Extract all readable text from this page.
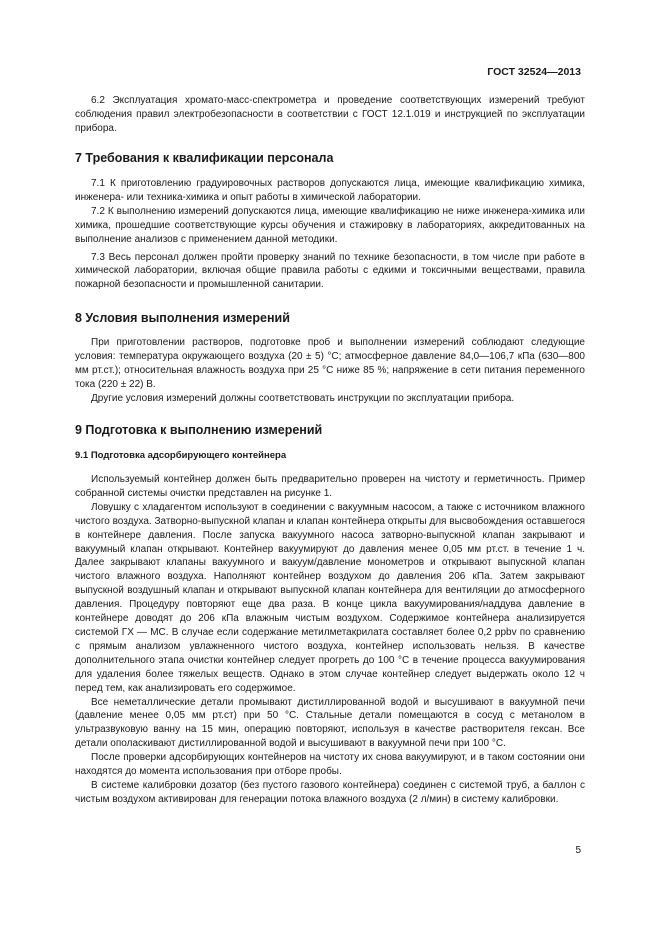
ГОСТ 32524—2013

6.2 Эксплуатация хромато-масс-спектрометра и проведение соответствующих измерений требуют соблюдения правил электробезопасности в соответствии с ГОСТ 12.1.019 и инструкцией по эксплуатации прибора.

7 Требования к квалификации персонала

7.1 К приготовлению градуировочных растворов допускаются лица, имеющие квалификацию химика, инженера- или техника-химика и опыт работы в химической лаборатории.

7.2 К выполнению измерений допускаются лица, имеющие квалификацию не ниже инженера-химика или химика, прошедшие соответствующие курсы обучения и стажировку в лабораториях, аккредитованных на выполнение анализов с применением данной методики.

7.3 Весь персонал должен пройти проверку знаний по технике безопасности, в том числе при работе в химической лаборатории, включая общие правила работы с едкими и токсичными веществами, правила пожарной безопасности и промышленной санитарии.

8 Условия выполнения измерений

При приготовлении растворов, подготовке проб и выполнении измерений соблюдают следующие условия: температура окружающего воздуха (20 ± 5) °С; атмосферное давление 84,0—106,7 кПа (630—800 мм рт.ст.); относительная влажность воздуха при 25 °С ниже 85 %; напряжение в сети питания переменного тока (220 ± 22) В.

Другие условия измерений должны соответствовать инструкции по эксплуатации прибора.

9 Подготовка к выполнению измерений
9.1 Подготовка адсорбирующего контейнера

Используемый контейнер должен быть предварительно проверен на чистоту и герметичность. Пример собранной системы очистки представлен на рисунке 1.

Ловушку с хладагентом используют в соединении с вакуумным насосом, а также с источником влажного чистого воздуха. Затворно-выпускной клапан и клапан контейнера открыты для высвобождения оставшегося в контейнере давления. После запуска вакуумного насоса затворно-выпускной клапан закрывают и вакуумный клапан открывают. Контейнер вакуумируют до давления менее 0,05 мм рт.ст. в течение 1 ч. Далее закрывают клапаны вакуумного и вакуум/давление монометров и открывают выпускной клапан чистого влажного воздуха. Наполняют контейнер воздухом до давления 206 кПа. Затем закрывают выпускной воздушный клапан и открывают выпускной клапан контейнера для вентиляции до атмосферного давления. Процедуру повторяют еще два раза. В конце цикла вакуумирования/наддува давление в контейнере доводят до 206 кПа влажным чистым воздухом. Содержимое контейнера анализируется системой ГХ — МС. В случае если содержание метилметакрилата составляет более 0,2 ppbv по сравнению с прямым анализом увлажненного чистого воздуха, контейнер использовать нельзя. В качестве дополнительного этапа очистки контейнер следует прогреть до 100 °С в течение процесса вакуумирования для удаления более тяжелых веществ. Однако в этом случае контейнер следует выдержать около 12 ч перед тем, как анализировать его содержимое.

Все неметаллические детали промывают дистиллированной водой и высушивают в вакуумной печи (давление менее 0,05 мм рт.ст) при 50 °С. Стальные детали помещаются в сосуд с метанолом в ультразвуковую ванну на 15 мин, операцию повторяют, используя в качестве растворителя гексан. Все детали ополаскивают дистиллированной водой и высушивают в вакуумной печи при 100 °С.

После проверки адсорбирующих контейнеров на чистоту их снова вакуумируют, и в таком состоянии они находятся до момента использования при отборе пробы.

В системе калибровки дозатор (без пустого газового контейнера) соединен с системой труб, а баллон с чистым воздухом активирован для генерации потока влажного воздуха (2 л/мин) в систему калибровки.

5
